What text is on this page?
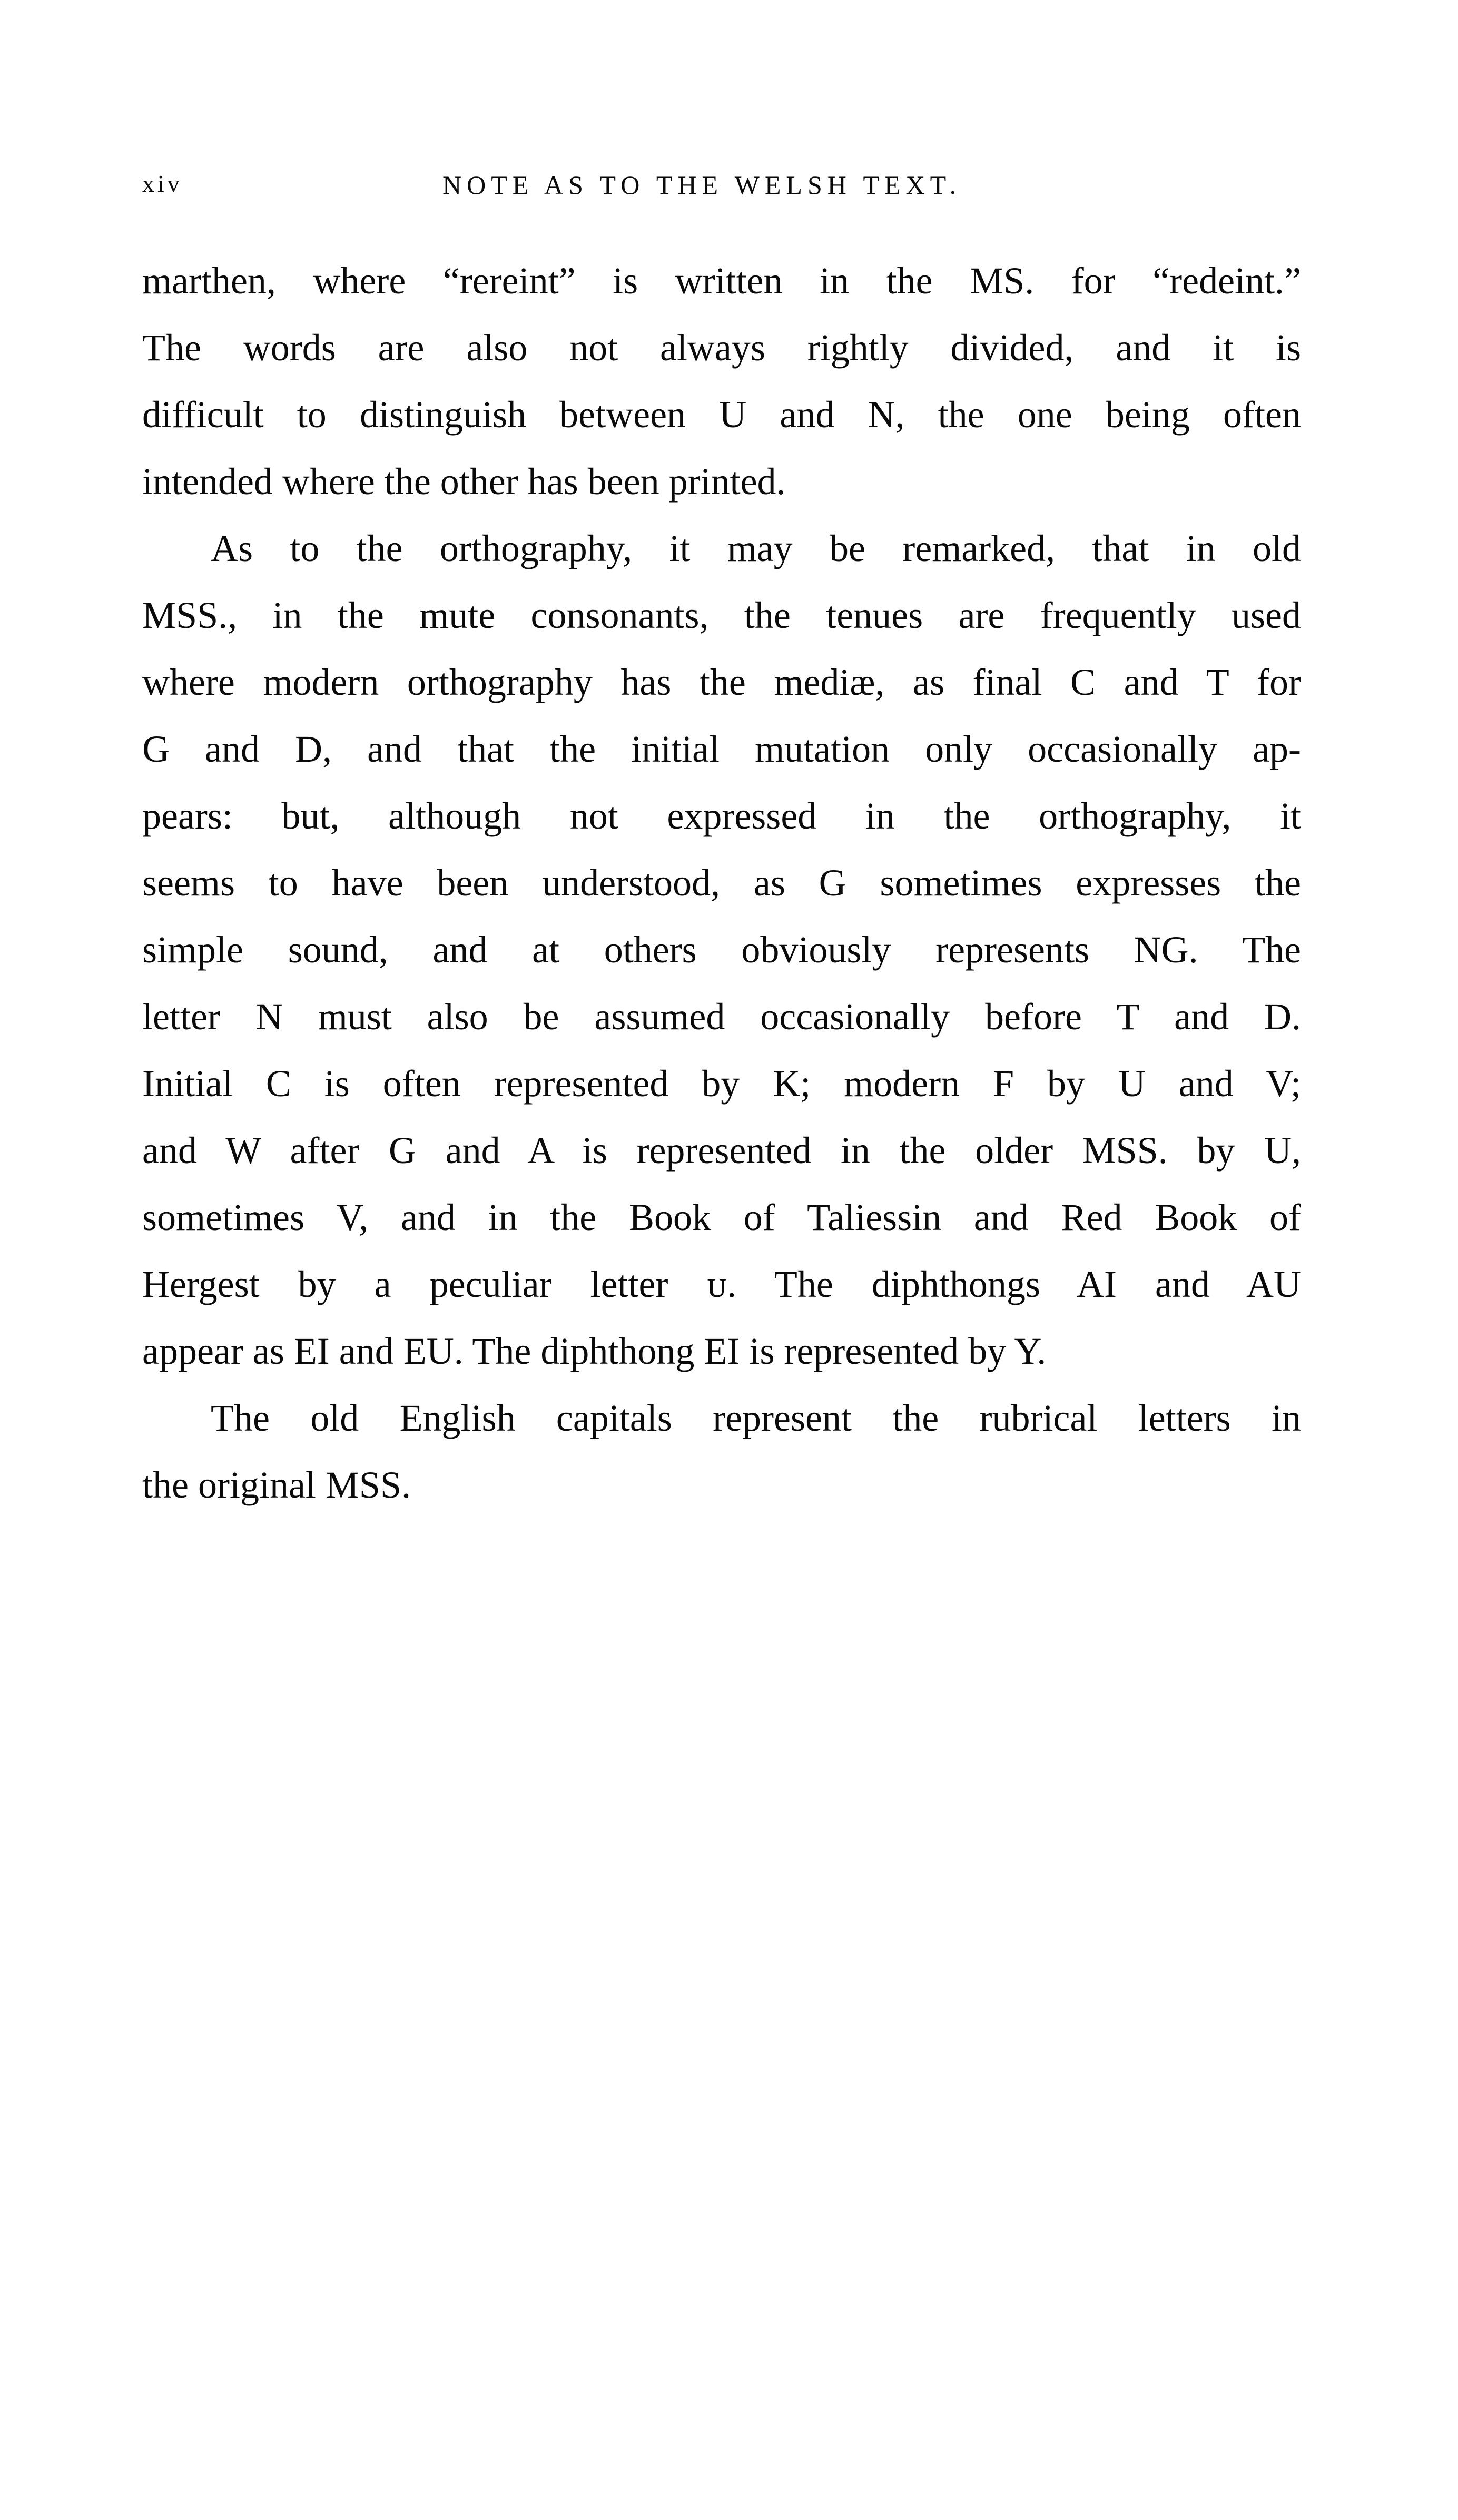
xiv	NOTE AS TO THE WELSH TEXT.
marthen, where “rereint” is written in the MS. for “redeint.”
The words are also not always rightly divided, and it is
difficult to distinguish between U and N, the one being often
intended where the other has been printed.
As to the orthography, it may be remarked, that in old
MSS., in the mute consonants, the tenues are frequently used
where modern orthography has the mediæ, as final C and T for
G and D, and that the initial mutation only occasionally ap-
pears: but, although not expressed in the orthography, it
seems to have been understood, as G sometimes expresses the
simple sound, and at others obviously represents NG. The
letter N must also be assumed occasionally before T and D.
Initial C is often represented by K; modern F by U and V;
and W after G and A is represented in the older MSS. by U,
sometimes V, and in the Book of Taliessin and Red Book of
Hergest by a peculiar letter ᴜ. The diphthongs AI and AU
appear as EI and EU. The diphthong EI is represented by Y.
The old English capitals represent the rubrical letters in
the original MSS.
